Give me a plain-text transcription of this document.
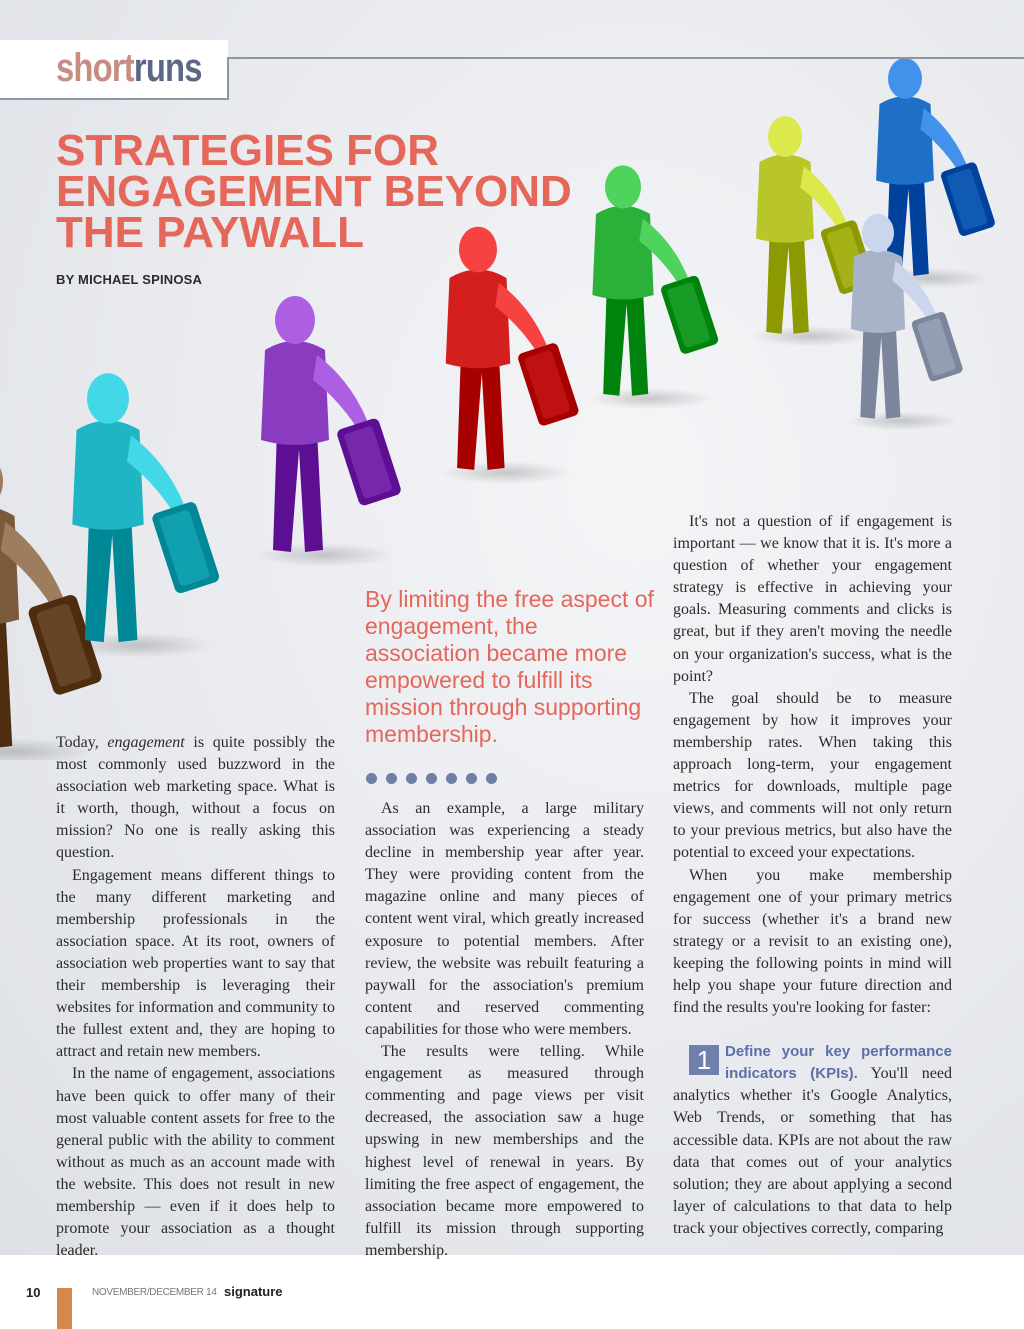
shortruns
STRATEGIES FOR
ENGAGEMENT BEYOND
THE PAYWALL
BY MICHAEL SPINOSA
By limiting the free aspect of engagement, the association became more empowered to fulfill its mission through supporting membership.

Today, engagement is quite possibly the most commonly used buzzword in the association web marketing space. What is it worth, though, without a focus on mission? No one is really asking this question.

Engagement means different things to the many different marketing and membership professionals in the association space. At its root, owners of association web properties want to say that their membership is leveraging their websites for information and community to the fullest extent and, they are hoping to attract and retain new members.

In the name of engagement, associations have been quick to offer many of their most valuable content assets for free to the general public with the ability to comment without as much as an account made with the website. This does not result in new membership — even if it does help to promote your association as a thought leader.

As an example, a large military association was experiencing a steady decline in membership year after year. They were providing content from the magazine online and many pieces of content went viral, which greatly increased exposure to potential members. After review, the website was rebuilt featuring a paywall for the association's premium content and reserved commenting capabilities for those who were members.

The results were telling. While engagement as measured through commenting and page views per visit decreased, the association saw a huge upswing in new memberships and the highest level of renewal in years. By limiting the free aspect of engagement, the association became more empowered to fulfill its mission through supporting membership.

It's not a question of if engagement is important — we know that it is. It's more a question of whether your engagement strategy is effective in achieving your goals. Measuring comments and clicks is great, but if they aren't moving the needle on your organization's success, what is the point?

The goal should be to measure engagement by how it improves your membership rates. When taking this approach long-term, your engagement metrics for downloads, multiple page views, and comments will not only return to your previous metrics, but also have the potential to exceed your expectations.

When you make membership engagement one of your primary metrics for success (whether it's a brand new strategy or a revisit to an existing one), keeping the following points in mind will help you shape your future direction and find the results you're looking for faster:

1 Define your key performance indicators (KPIs). You'll need analytics whether it's Google Analytics, Web Trends, or something that has accessible data. KPIs are not about the raw data that comes out of your analytics solution; they are about applying a second layer of calculations to that data to help track your objectives correctly, comparing

10	NOVEMBER/DECEMBER 14 signature
